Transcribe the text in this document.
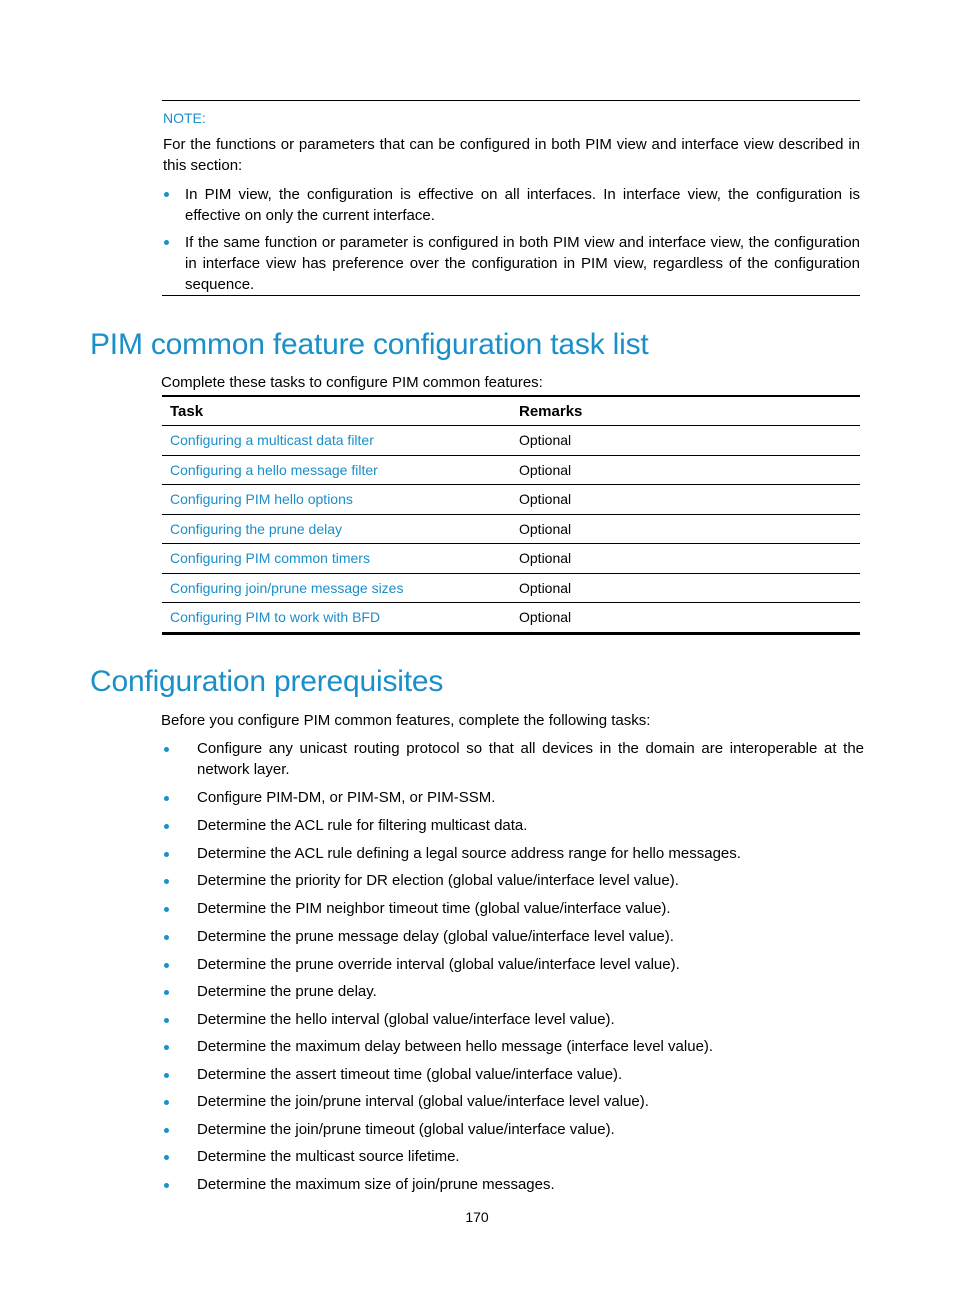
NOTE:

For the functions or parameters that can be configured in both PIM view and interface view described in this section:

In PIM view, the configuration is effective on all interfaces. In interface view, the configuration is effective on only the current interface.
If the same function or parameter is configured in both PIM view and interface view, the configuration in interface view has preference over the configuration in PIM view, regardless of the configuration sequence.
PIM common feature configuration task list

Complete these tasks to configure PIM common features:

Task	Remarks
Configuring a multicast data filter	Optional
Configuring a hello message filter	Optional
Configuring PIM hello options	Optional
Configuring the prune delay	Optional
Configuring PIM common timers	Optional
Configuring join/prune message sizes	Optional
Configuring PIM to work with BFD	Optional
Configuration prerequisites

Before you configure PIM common features, complete the following tasks:

Configure any unicast routing protocol so that all devices in the domain are interoperable at the network layer.
Configure PIM-DM, or PIM-SM, or PIM-SSM.
Determine the ACL rule for filtering multicast data.
Determine the ACL rule defining a legal source address range for hello messages.
Determine the priority for DR election (global value/interface level value).
Determine the PIM neighbor timeout time (global value/interface value).
Determine the prune message delay (global value/interface level value).
Determine the prune override interval (global value/interface level value).
Determine the prune delay.
Determine the hello interval (global value/interface level value).
Determine the maximum delay between hello message (interface level value).
Determine the assert timeout time (global value/interface value).
Determine the join/prune interval (global value/interface level value).
Determine the join/prune timeout (global value/interface value).
Determine the multicast source lifetime.
Determine the maximum size of join/prune messages.
170
